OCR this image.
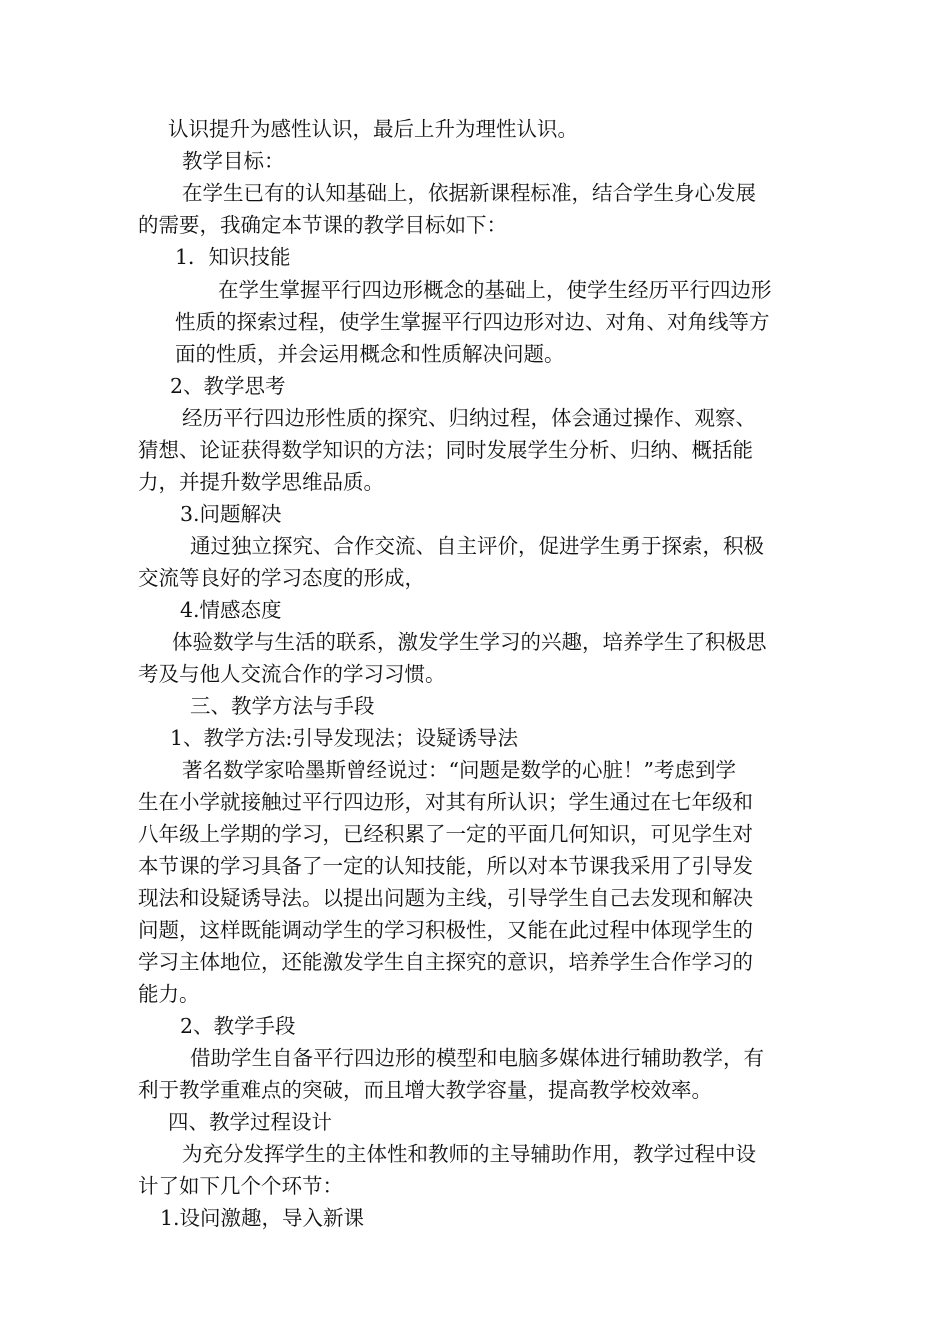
认识提升为感性认识，最后上升为理性认识。

教学目标：

在学生已有的认知基础上，依据新课程标准，结合学生身心发展

的需要，我确定本节课的教学目标如下：

1．知识技能

在学生掌握平行四边形概念的基础上，使学生经历平行四边形

性质的探索过程，使学生掌握平行四边形对边、对角、对角线等方

面的性质，并会运用概念和性质解决问题。

2、教学思考

经历平行四边形性质的探究、归纳过程，体会通过操作、观察、

猜想、论证获得数学知识的方法；同时发展学生分析、归纳、概括能

力，并提升数学思维品质。

3.问题解决

通过独立探究、合作交流、自主评价，促进学生勇于探索，积极

交流等良好的学习态度的形成，

4.情感态度

体验数学与生活的联系，激发学生学习的兴趣，培养学生了积极思

考及与他人交流合作的学习习惯。

三、教学方法与手段

1、教学方法:引导发现法；设疑诱导法

著名数学家哈墨斯曾经说过：“问题是数学的心脏！”考虑到学

生在小学就接触过平行四边形，对其有所认识；学生通过在七年级和

八年级上学期的学习，已经积累了一定的平面几何知识，可见学生对

本节课的学习具备了一定的认知技能，所以对本节课我采用了引导发

现法和设疑诱导法。以提出问题为主线，引导学生自己去发现和解决

问题，这样既能调动学生的学习积极性，又能在此过程中体现学生的

学习主体地位，还能激发学生自主探究的意识，培养学生合作学习的

能力。

2、教学手段

借助学生自备平行四边形的模型和电脑多媒体进行辅助教学，有

利于教学重难点的突破，而且增大教学容量，提高教学校效率。

四、教学过程设计

为充分发挥学生的主体性和教师的主导辅助作用，教学过程中设

计了如下几个个环节：

1.设问激趣，导入新课
